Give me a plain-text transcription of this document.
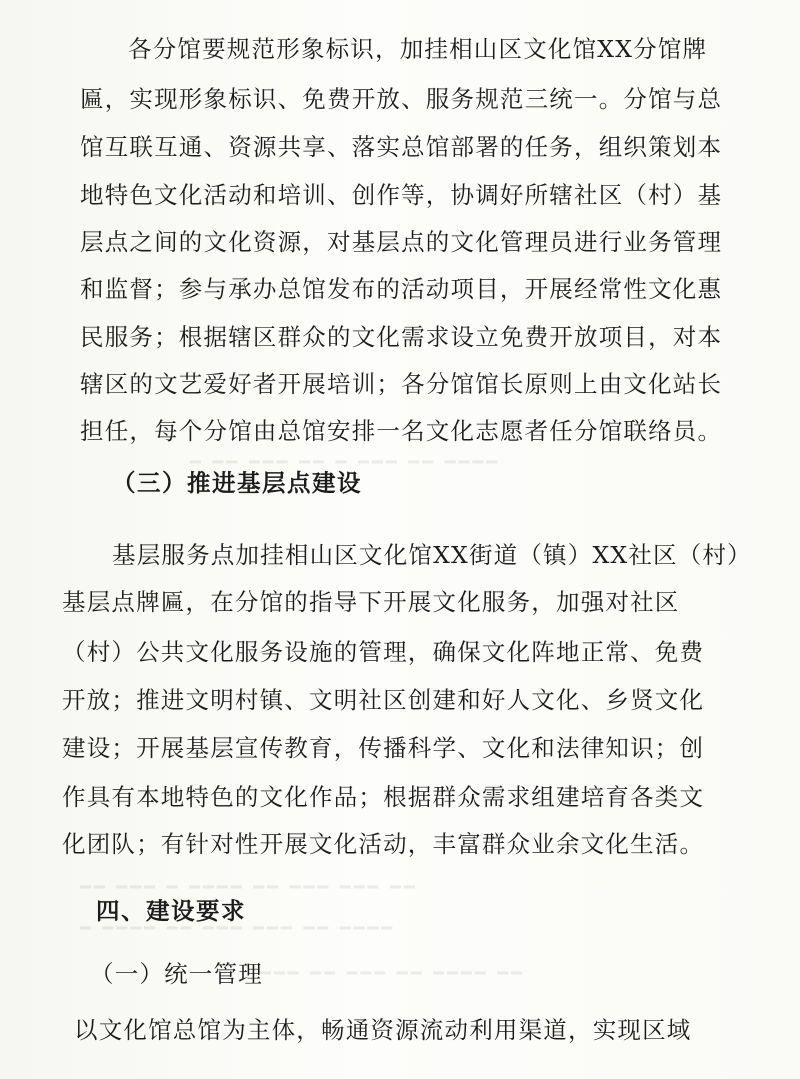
━ ━━ ━━━ ━━ ━ ━━━ ━━ ━━━━
━━ ━━━ ━ ━━━━ ━━ ━━━ ━━━ ━━
━ ━━━━ ━━ ━━━ ━━━ ━━ ━━━━
━━━ ━━ ━━━ ━━ ━━━━ ━━
各分馆要规范形象标识，加挂相山区文化馆XX分馆牌
匾，实现形象标识、免费开放、服务规范三统一。分馆与总
馆互联互通、资源共享、落实总馆部署的任务，组织策划本
地特色文化活动和培训、创作等，协调好所辖社区（村）基
层点之间的文化资源，对基层点的文化管理员进行业务管理
和监督；参与承办总馆发布的活动项目，开展经常性文化惠
民服务；根据辖区群众的文化需求设立免费开放项目，对本
辖区的文艺爱好者开展培训；各分馆馆长原则上由文化站长
担任，每个分馆由总馆安排一名文化志愿者任分馆联络员。
（三）推进基层点建设
基层服务点加挂相山区文化馆XX街道（镇）XX社区（村）
基层点牌匾，在分馆的指导下开展文化服务，加强对社区
（村）公共文化服务设施的管理，确保文化阵地正常、免费
开放；推进文明村镇、文明社区创建和好人文化、乡贤文化
建设；开展基层宣传教育，传播科学、文化和法律知识；创
作具有本地特色的文化作品；根据群众需求组建培育各类文
化团队；有针对性开展文化活动，丰富群众业余文化生活。
四、建设要求
（一）统一管理
以文化馆总馆为主体，畅通资源流动利用渠道，实现区域
